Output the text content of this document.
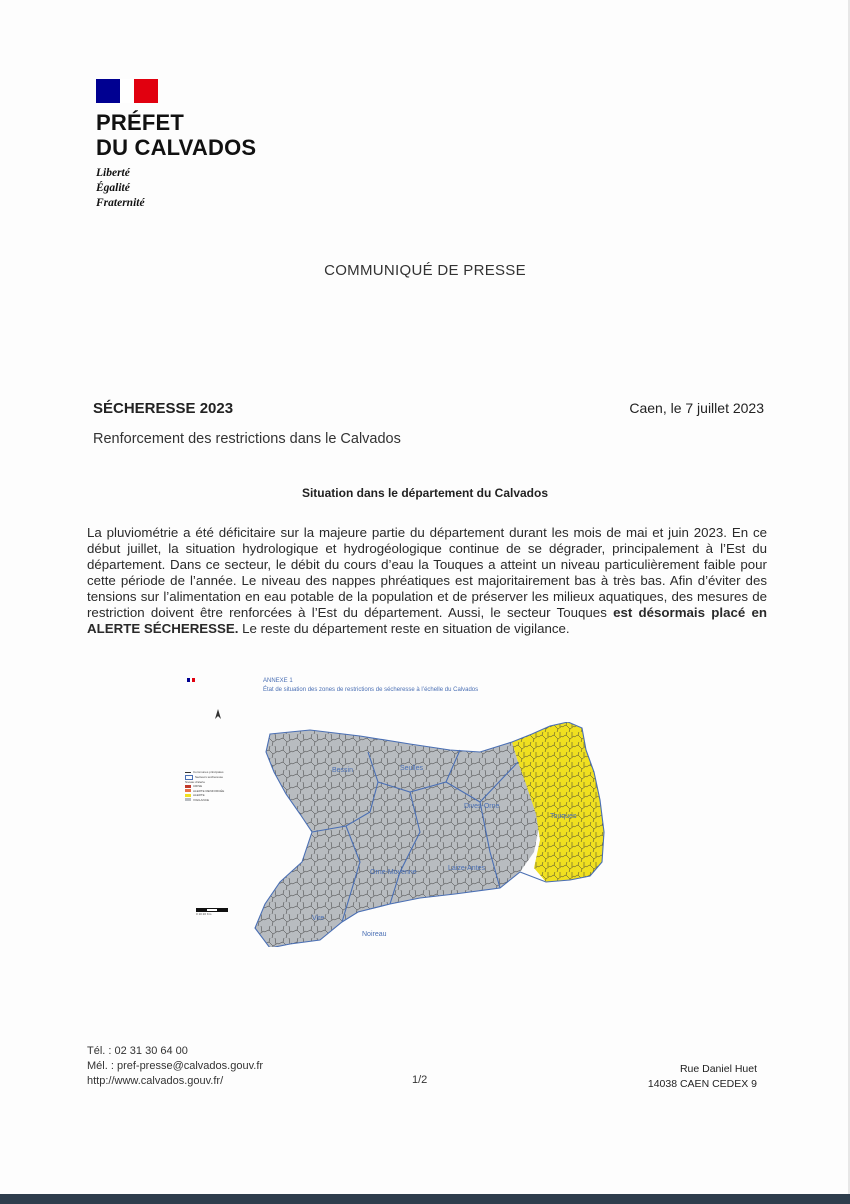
PRÉFET
DU CALVADOS
Liberté
Égalité
Fraternité
COMMUNIQUÉ DE PRESSE
SÉCHERESSE 2023	Caen, le 7 juillet 2023
Renforcement des restrictions dans le Calvados
Situation dans le département du Calvados
La pluviométrie a été déficitaire sur la majeure partie du département durant les mois de mai et juin 2023. En ce début juillet, la situation hydrologique et hydrogéologique continue de se dégrader, principalement à l’Est du département. Dans ce secteur, le débit du cours d’eau la Touques a atteint un niveau particulièrement faible pour cette période de l’année. Le niveau des nappes phréatiques est majoritairement bas à très bas. Afin d’éviter des tensions sur l’alimentation en eau potable de la population et de préserver les milieux aquatiques, des mesures de restriction doivent être renforcées à l’Est du département. Aussi, le secteur Touques est désormais placé en ALERTE SÉCHERESSE. Le reste du département reste en situation de vigilance.
ANNEXE 1
État de situation des zones de restrictions de sécheresse à l’échelle du Calvados
Communes principales
Secteurs sécheresse
Niveau d’alerte
CRISE
ALERTE RENFORCÉE
ALERTE
VIGILANCE
0 10 20 Km
Bessin	Seulles
Dives-Orne
Vire
Orne-Moyenne
Laize-Antes
Noireau
Touques
Tél. : 02 31 30 64 00
Mél. : pref-presse@calvados.gouv.fr
http://www.calvados.gouv.fr/	1/2
Rue Daniel Huet
14038 CAEN CEDEX 9
